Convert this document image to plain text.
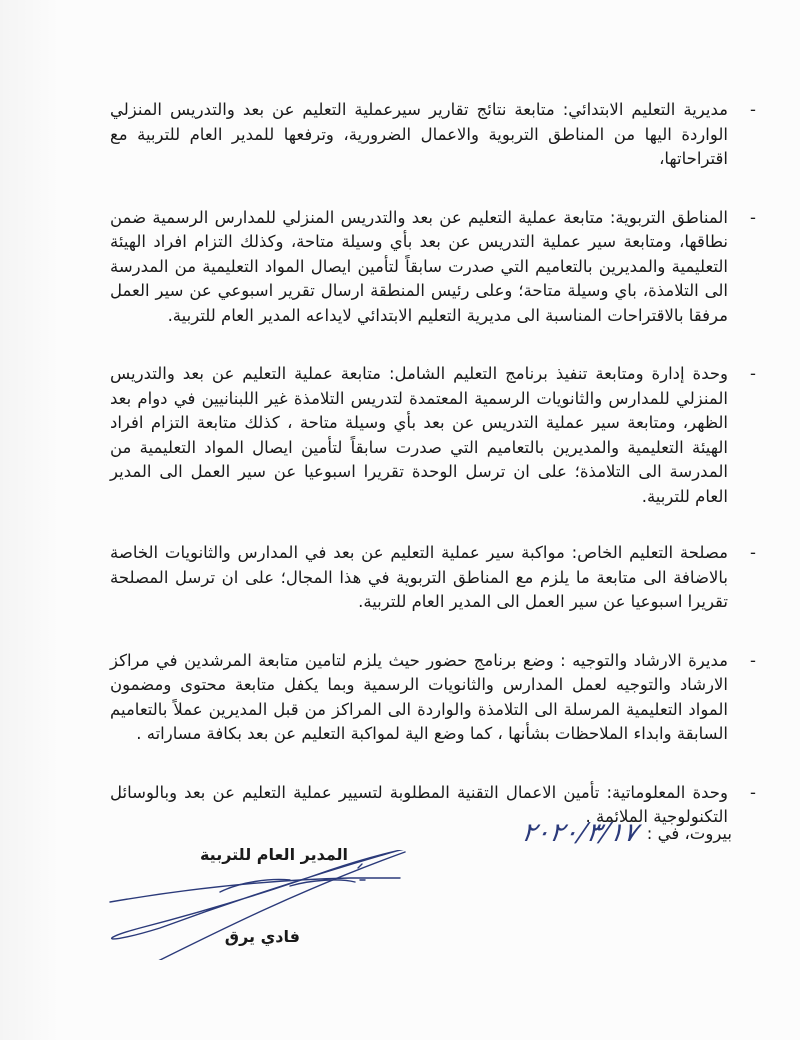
-
مديرية التعليم الابتدائي: متابعة نتائج تقارير سيرعملية التعليم عن بعد والتدريس المنزلي الواردة اليها من المناطق التربوية والاعمال الضرورية، وترفعها للمدير العام للتربية مع اقتراحاتها،
-
المناطق التربوية: متابعة عملية التعليم عن بعد والتدريس المنزلي للمدارس الرسمية ضمن نطاقها، ومتابعة سير عملية التدريس عن بعد بأي وسيلة متاحة، وكذلك التزام افراد الهيئة التعليمية والمديرين بالتعاميم التي صدرت سابقاً لتأمين ايصال المواد التعليمية من المدرسة الى التلامذة، باي وسيلة متاحة؛ وعلى رئيس المنطقة ارسال تقرير اسبوعي عن سير العمل مرفقا بالاقتراحات المناسبة الى مديرية التعليم الابتدائي لايداعه المدير العام للتربية.
-
وحدة إدارة ومتابعة تنفيذ برنامج التعليم الشامل: متابعة عملية التعليم عن بعد والتدريس المنزلي للمدارس والثانويات الرسمية المعتمدة لتدريس التلامذة غير اللبنانيين في دوام بعد الظهر، ومتابعة سير عملية التدريس عن بعد بأي وسيلة متاحة ، كذلك متابعة التزام افراد الهيئة التعليمية والمديرين بالتعاميم التي صدرت سابقاً لتأمين ايصال المواد التعليمية من المدرسة الى التلامذة؛ على ان ترسل الوحدة تقريرا اسبوعيا عن سير العمل الى المدير العام للتربية.
-
مصلحة التعليم الخاص: مواكبة سير عملية التعليم عن بعد في المدارس والثانويات الخاصة بالاضافة الى متابعة ما يلزم مع المناطق التربوية في هذا المجال؛ على ان ترسل المصلحة تقريرا اسبوعيا عن سير العمل الى المدير العام للتربية.
-
مديرة الارشاد والتوجيه : وضع برنامج حضور حيث يلزم لتامين متابعة المرشدين في مراكز الارشاد والتوجيه لعمل المدارس والثانويات الرسمية وبما يكفل متابعة محتوى ومضمون المواد التعليمية المرسلة الى التلامذة والواردة الى المراكز من قبل المديرين عملاً بالتعاميم السابقة وابداء الملاحظات بشأنها ، كما وضع الية لمواكبة التعليم عن بعد بكافة مساراته .
-
وحدة المعلوماتية: تأمين الاعمال التقنية المطلوبة لتسيير عملية التعليم عن بعد وبالوسائل التكنولوجية الملائمة .
بيروت، في :
٢٠٢٠/٣/١٧
المدير العام للتربية
فادي يرق
